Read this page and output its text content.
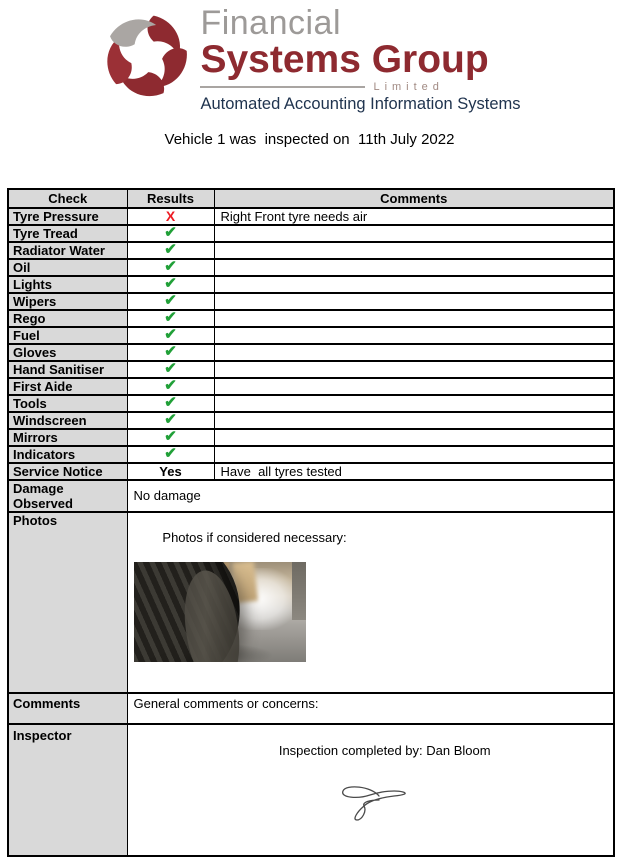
Financial
Systems Group
Limited
Automated Accounting Information Systems
Vehicle 1 was  inspected on  11th July 2022
Check	Results	Comments
Tyre Pressure	X	Right Front tyre needs air
Tyre Tread	✔	
Radiator Water	✔	
Oil	✔	
Lights	✔	
Wipers	✔	
Rego	✔	
Fuel	✔	
Gloves	✔	
Hand Sanitiser	✔	
First Aide	✔	
Tools	✔	
Windscreen	✔	
Mirrors	✔	
Indicators	✔	
Service Notice	Yes	Have  all tyres tested
Damage Observed	No damage	
Photos	Photos if considered necessary:	

Comments	General comments or concerns:	
Inspector	Inspection completed by: Dan Bloom	
